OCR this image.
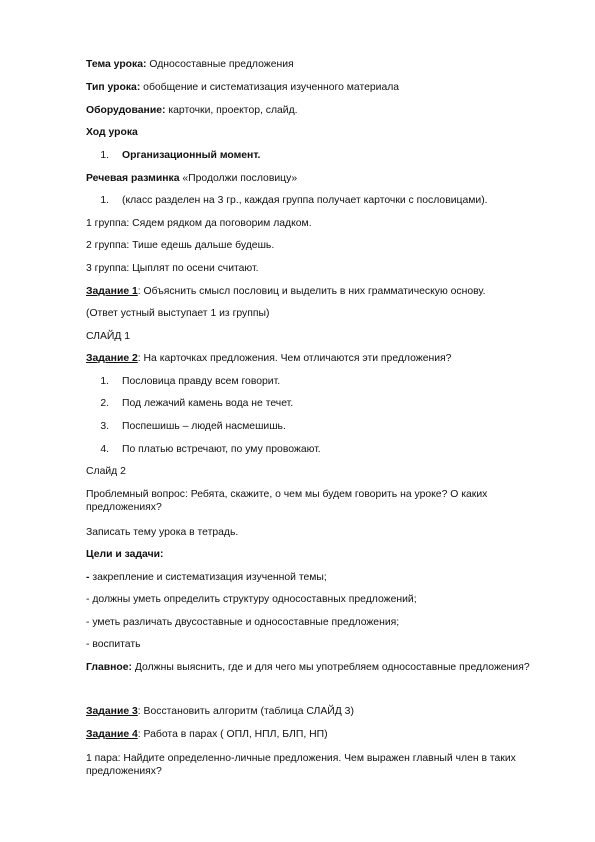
Тема урока: Односоставные предложения
Тип урока: обобщение и систематизация изученного материала
Оборудование: карточки, проектор, слайд.
Ход урока
1. Организационный момент.
Речевая разминка «Продолжи пословицу»
1. (класс разделен на 3 гр., каждая группа получает карточки с пословицами).
1 группа: Сядем рядком да поговорим ладком.
2 группа: Тише едешь дальше будешь.
3 группа: Цыплят по осени считают.
Задание 1: Объяснить смысл пословиц и выделить в них грамматическую основу.
(Ответ устный выступает 1 из группы)
СЛАЙД 1
Задание 2: На карточках предложения. Чем отличаются эти предложения?
1. Пословица правду всем говорит.
2. Под лежачий камень вода не течет.
3. Поспешишь – людей насмешишь.
4. По платью встречают, по уму провожают.
Слайд 2
Проблемный вопрос: Ребята, скажите, о чем мы будем говорить на уроке? О каких предложениях?
Записать тему урока в тетрадь.
Цели и задачи:
- закрепление и систематизация изученной темы;
- должны уметь определить структуру односоставных предложений;
- уметь различать двусоставные и односоставные предложения;
- воспитать
Главное: Должны выяснить, где и для чего мы употребляем односоставные предложения?
Задание 3: Восстановить алгоритм (таблица СЛАЙД 3)
Задание 4: Работа в парах ( ОПЛ, НПЛ, БЛП, НП)
1 пара: Найдите определенно-личные предложения. Чем выражен главный член в таких предложениях?
